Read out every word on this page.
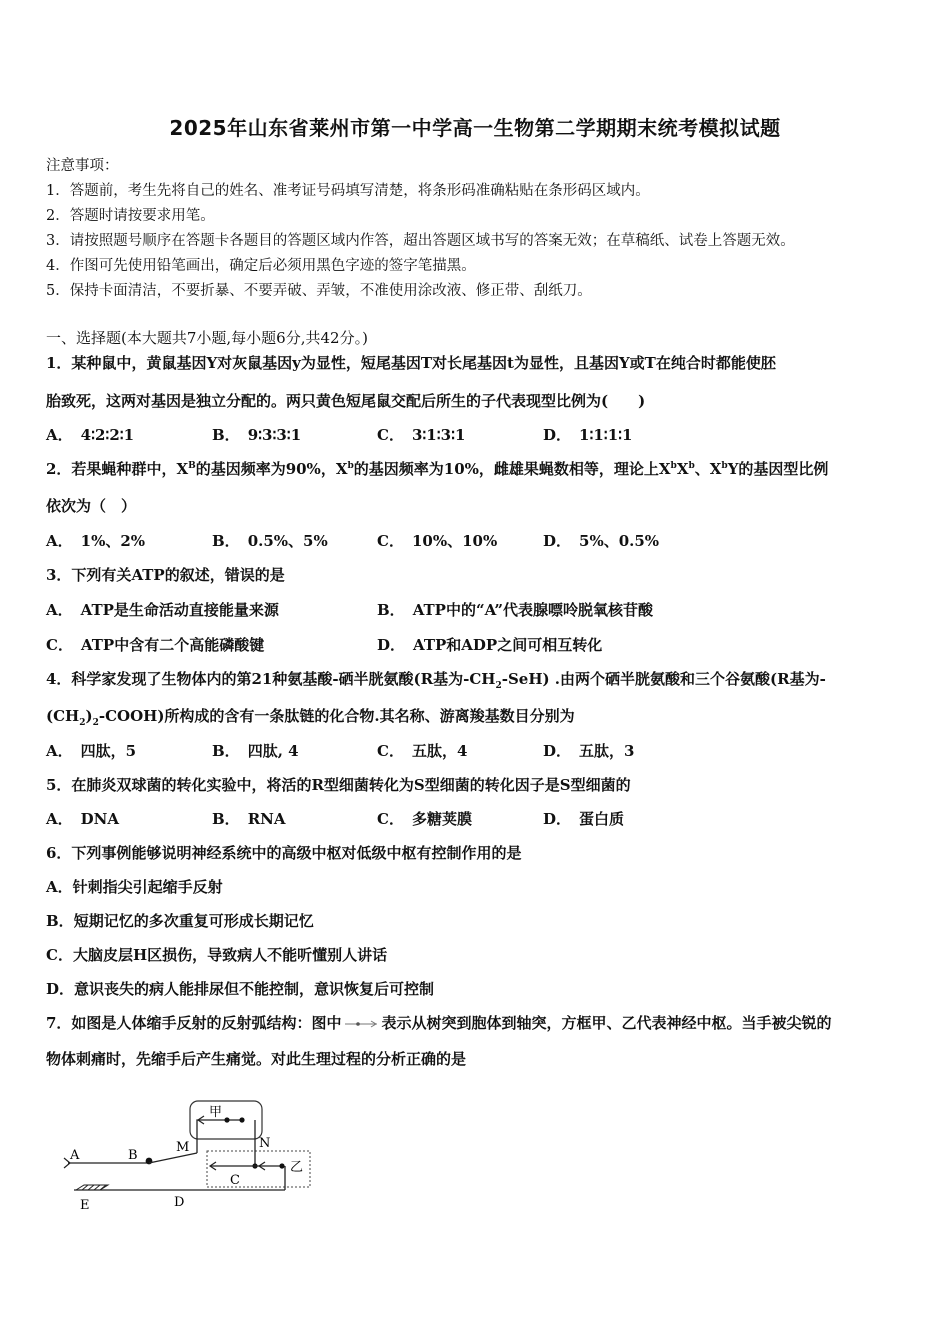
2025年山东省莱州市第一中学高一生物第二学期期末统考模拟试题
注意事项：
1．答题前，考生先将自己的姓名、准考证号码填写清楚，将条形码准确粘贴在条形码区域内。
2．答题时请按要求用笔。
3．请按照题号顺序在答题卡各题目的答题区域内作答，超出答题区域书写的答案无效；在草稿纸、试卷上答题无效。
4．作图可先使用铅笔画出，确定后必须用黑色字迹的签字笔描黑。
5．保持卡面清洁，不要折暴、不要弄破、弄皱，不准使用涂改液、修正带、刮纸刀。
一、选择题(本大题共7小题,每小题6分,共42分。)
1．某种鼠中，黄鼠基因Y对灰鼠基因y为显性，短尾基因T对长尾基因t为显性，且基因Y或T在纯合时都能使胚
胎致死，这两对基因是独立分配的。两只黄色短尾鼠交配后所生的子代表现型比例为(　　)
A． 4∶2∶2∶1	B． 9∶3∶3∶1	C． 3∶1∶3∶1	D． 1∶1∶1∶1
2．若果蝇种群中，$X^B$的基因频率为90%，$X^b$的基因频率为10%，雌雄果蝇数相等，理论上$X^bX^b$、$X^bY$的基因型比例
依次为（　）
A． 1%、2%	B． 0.5%、5%	C． 10%、10%	D． 5%、0.5%
3．下列有关ATP的叙述，错误的是
A． ATP是生命活动直接能量来源	B． ATP中的“A”代表腺嘌呤脱氧核苷酸
C． ATP中含有二个高能磷酸键	D． ATP和ADP之间可相互转化
4．科学家发现了生物体内的第21种氨基酸-硒半胱氨酸(R基为$-CH_2-SeH$) .由两个硒半胱氨酸和三个谷氨酸(R基为-
$(CH_2)_2-COOH$)所构成的含有一条肽链的化合物.其名称、游离羧基数目分别为
A． 四肽，5	B． 四肽, 4	C． 五肽，4	D． 五肽，3
5．在肺炎双球菌的转化实验中，将活的R型细菌转化为S型细菌的转化因子是S型细菌的
A． DNA	B． RNA	C． 多糖荚膜	D． 蛋白质
6．下列事例能够说明神经系统中的高级中枢对低级中枢有控制作用的是
A．针刺指尖引起缩手反射
B．短期记忆的多次重复可形成长期记忆
C．大脑皮层H区损伤，导致病人不能听懂别人讲话
D．意识丧失的病人能排尿但不能控制，意识恢复后可控制
7．如图是人体缩手反射的反射弧结构：图中	表示从树突到胞体到轴突，方框甲、乙代表神经中枢。当手被尖锐的
物体刺痛时，先缩手后产生痛觉。对此生理过程的分析正确的是
A	B
M	N
甲
乙
C
D
E
